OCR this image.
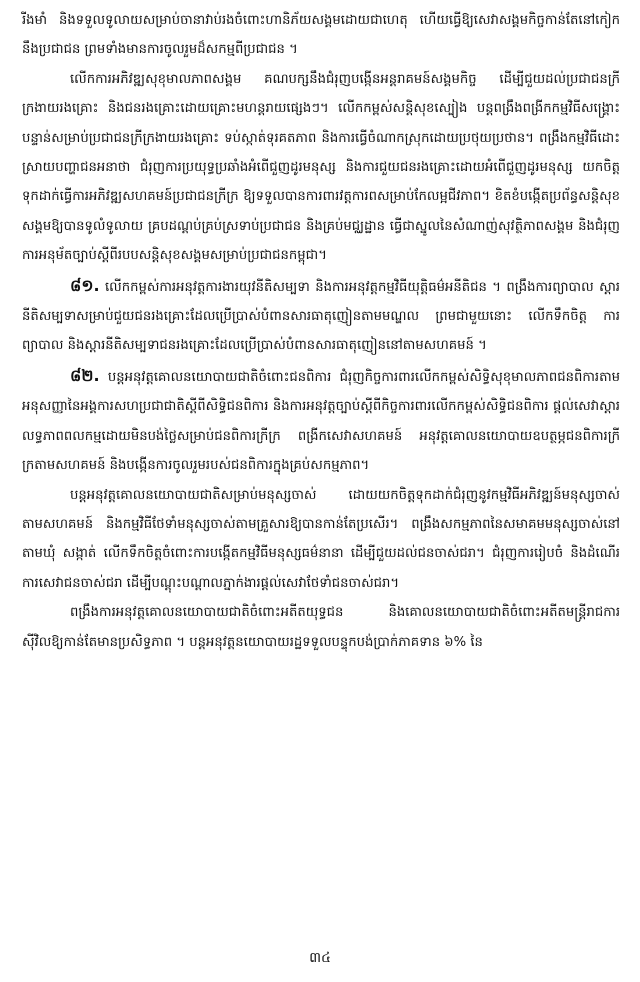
រីងមាំ និងទទួលទូលាយសម្រាប់ចានាវាប់រងចំពោះហានិភ័យសង្គមដោយជាហេតុ ហើយធ្វើឱ្យសេវាសង្គមកិច្ចកាន់តែនៅកៀកនឹងប្រជាជន ព្រមទាំងមានការចូលរួមដ៏សកម្មពីប្រជាជន ។

លើកការអភិវឌ្ឍសុខុមាលភាពសង្គម គណបក្សនឹងជំរុញបង្កើនអន្តរាគមន៍សង្គមកិច្ច ដើម្បីជួយដល់ប្រជាជនក្រីក្រងាយរងគ្រោះ និងជនរងគ្រោះដោយគ្រោះមហន្តរាយផ្សេងៗ។ លើកកម្ពស់សន្តិសុខស្បៀង បន្តពង្រឹងពង្រីកកម្មវិធីសង្គ្រោះបន្ទាន់សម្រាប់ប្រជាជនក្រីក្រងាយរងគ្រោះ ទប់ស្កាត់ទុរគតភាព និងការធ្វើចំណាកស្រុកដោយប្រថុយប្រថាន។ ពង្រឹងកម្មវិធីដោះស្រាយបញ្ហាជនអនាថា ជំរុញការប្រយុទ្ធប្រឆាំងអំពើជួញដូរមនុស្ស និងការជួយជនរងគ្រោះដោយអំពើជួញដូរមនុស្ស យកចិត្តទុកដាក់ធ្វើការអភិវឌ្ឍសហគមន៍ប្រជាជនក្រីក្រ ឱ្យទទួលបានការពារវត្តការពសម្រាប់កែលម្អជីវភាព។ ខិតខំបង្កើតប្រព័ន្ធសន្តិសុខសង្គមឱ្យបានទូលំទូលាយ គ្របដណ្តប់គ្រប់ស្រទាប់ប្រជាជន និងគ្រប់មជ្ឈដ្ឋាន ធ្វើជាស្នូលនៃសំណាញ់សុវត្ថិភាពសង្គម និងជំរុញការអនុម័តច្បាប់ស្តីពីរបបសន្តិសុខសង្គមសម្រាប់ប្រជាជនកម្ពុជា។

៨១. លើកកម្ពស់ការអនុវត្តការងារយុវនីតិសម្បទា និងការអនុវត្តកម្មវិធីយុត្តិធម៌អនីតិជន ។ ពង្រឹងការព្យាបាល ស្តារនីតិសម្បទាសម្រាប់ជួយជនរងគ្រោះដែលប្រើប្រាស់បំពានសារធាតុញៀនតាមមណ្ឌល ព្រមជាមួយនោះ លើកទឹកចិត្ត ការព្យាបាល និងស្តារនីតិសម្បទាជនរងគ្រោះដែលប្រើប្រាស់បំពានសារធាតុញៀននៅតាមសហគមន៍ ។

៨២. បន្តអនុវត្តគោលនយោបាយជាតិចំពោះជនពិការ ជំរុញកិច្ចការពារលើកកម្ពស់សិទ្ធិសុខុមាលភាពជនពិការតាមអនុសញ្ញានៃអង្គការសហប្រជាជាតិស្តីពីសិទ្ធិជនពិការ និងការអនុវត្តច្បាប់ស្តីពីកិច្ចការពារលើកកម្ពស់សិទ្ធិជនពិការ ផ្តល់សេវាស្តារលទ្ធភាពពលកម្មដោយមិនបង់ថ្លៃសម្រាប់ជនពិការក្រីក្រ ពង្រីកសេវាសហគមន៍ អនុវត្តគោលនយោបាយឧបត្ថម្ភជនពិការក្រីក្រតាមសហគមន៍ និងបង្កើនការចូលរួមរបស់ជនពិការក្នុងគ្រប់សកម្មភាព។

បន្តអនុវត្តគោលនយោបាយជាតិសម្រាប់មនុស្សចាស់ ដោយយកចិត្តទុកដាក់ជំរុញនូវកម្មវិធីអភិវឌ្ឍន៍មនុស្សចាស់តាមសហគមន៍ និងកម្មវិធីថែទាំមនុស្សចាស់តាមគ្រួសារឱ្យបានកាន់តែប្រសើរ។ ពង្រឹងសកម្មភាពនៃសមាគមមនុស្សចាស់នៅតាមឃុំ សង្កាត់ លើកទឹកចិត្តចំពោះការបង្កើតកម្មវិធីមនុស្សធម៌នានា ដើម្បីជួយដល់ជនចាស់ជរា។ ជំរុញការរៀបចំ និងដំណើរការសេវាជនចាស់ជរា ដើម្បីបណ្តុះបណ្តាលភ្នាក់ងារផ្តល់សេវាថែទាំជនចាស់ជរា។

ពង្រឹងការអនុវត្តគោលនយោបាយជាតិចំពោះអតីតយុទ្ធជន និងគោលនយោបាយជាតិចំពោះអតីតមន្ត្រីរាជការស៊ីវិលឱ្យកាន់តែមានប្រសិទ្ធភាព ។ បន្តអនុវត្តនយោបាយរដ្ឋទទួលបន្ទុកបង់ប្រាក់ភាគទាន ៦% នៃ

៣៤
